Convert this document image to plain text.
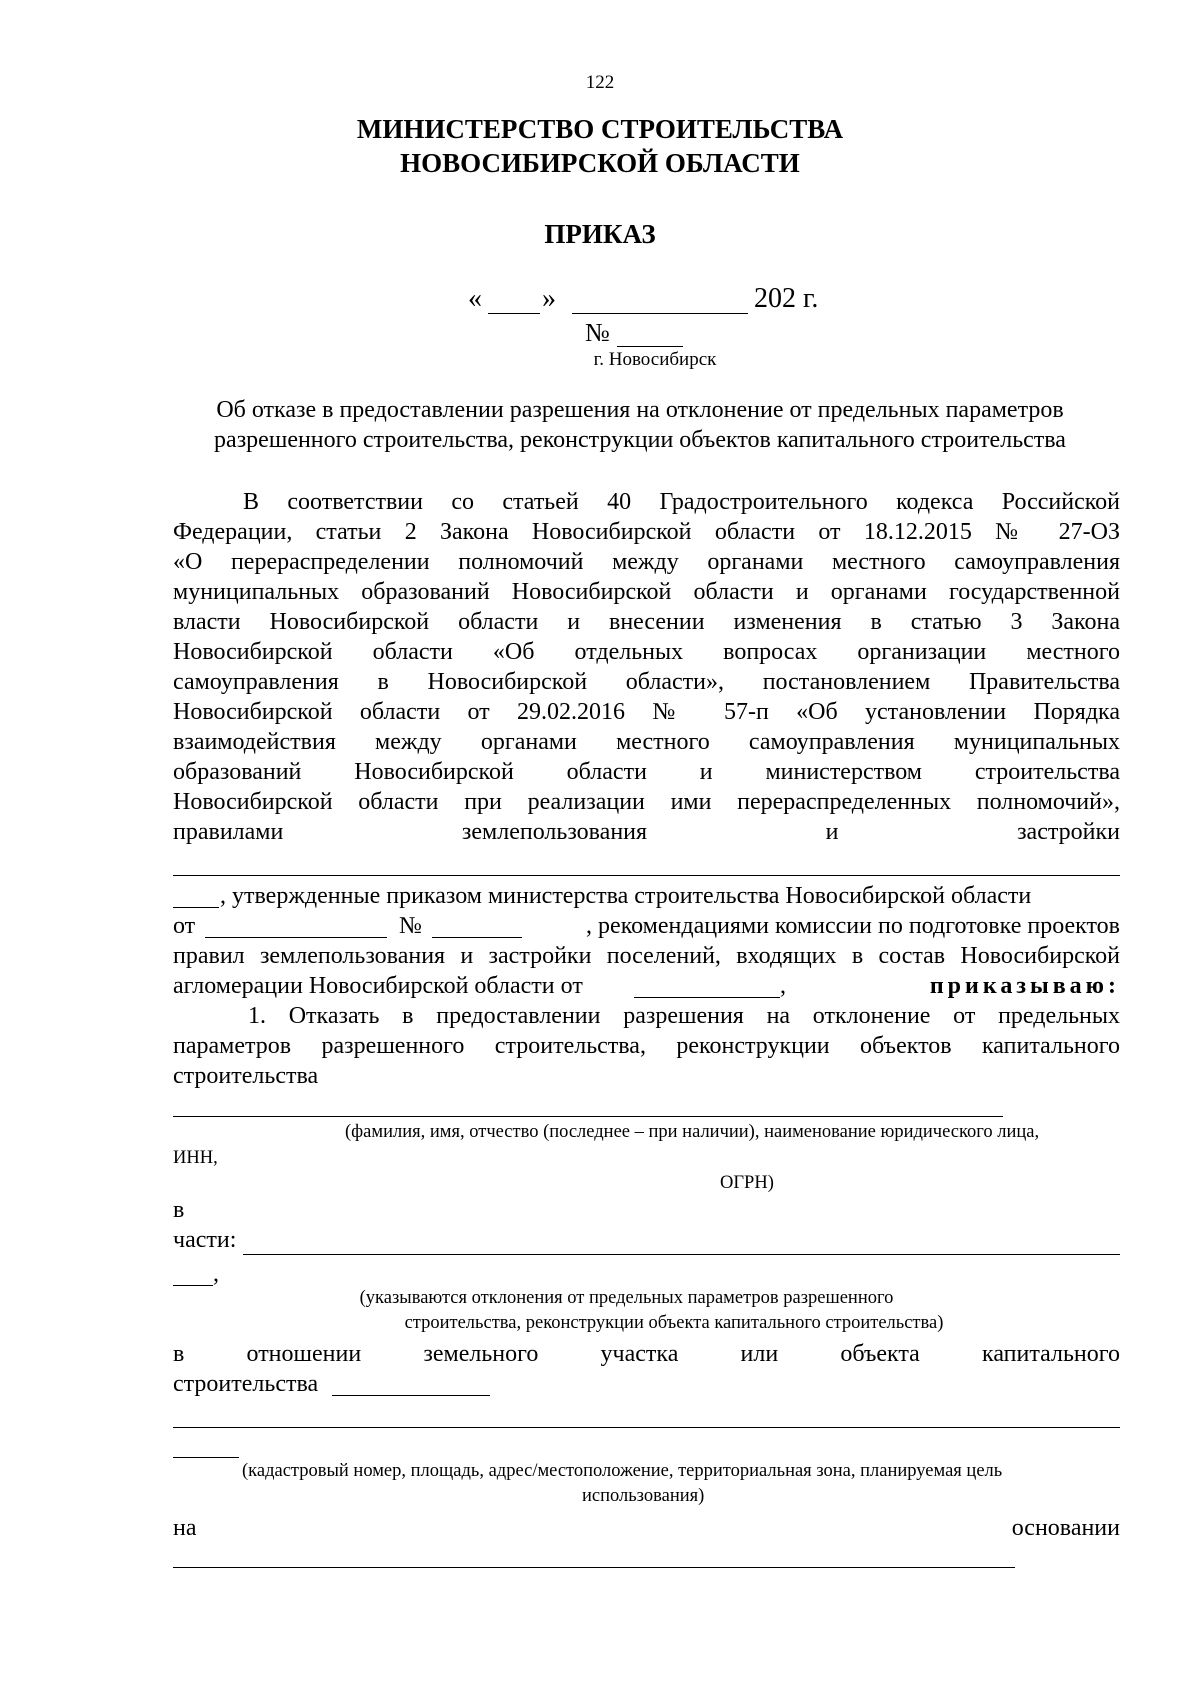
122
МИНИСТЕРСТВО СТРОИТЕЛЬСТВА
НОВОСИБИРСКОЙ ОБЛАСТИ
ПРИКАЗ
« »	202 г.
№
г. Новосибирск
Об отказе в предоставлении разрешения на отклонение от предельных параметров
разрешенного строительства, реконструкции объектов капитального строительства
В соответствии со статьей 40 Градостроительного кодекса Российской
Федерации, статьи 2 Закона Новосибирской области от 18.12.2015 № 27-ОЗ
«О перераспределении полномочий между органами местного самоуправления
муниципальных образований Новосибирской области и органами государственной
власти Новосибирской области и внесении изменения в статью 3 Закона
Новосибирской области «Об отдельных вопросах организации местного
самоуправления в Новосибирской области», постановлением Правительства
Новосибирской области от 29.02.2016 № 57-п «Об установлении Порядка
взаимодействия между органами местного самоуправления муниципальных
образований Новосибирской области и министерством строительства
Новосибирской области при реализации ими перераспределенных полномочий»,
правилами землепользования и застройки
, утвержденные приказом министерства строительства Новосибирской области
от	№	, рекомендациями комиссии по подготовке проектов
правил землепользования и застройки поселений, входящих в состав Новосибирской
агломерации Новосибирской области от	,	приказываю:
1. Отказать в предоставлении разрешения на отклонение от предельных
параметров разрешенного строительства, реконструкции объектов капитального
строительства
(фамилия, имя, отчество (последнее – при наличии), наименование юридического лица,
ИНН,
ОГРН)
в
части:
,
(указываются отклонения от предельных параметров разрешенного
строительства, реконструкции объекта капитального строительства)
в отношении земельного участка или объекта капитального
строительства
(кадастровый номер, площадь, адрес/местоположение, территориальная зона, планируемая цель
использования)
на	основании
